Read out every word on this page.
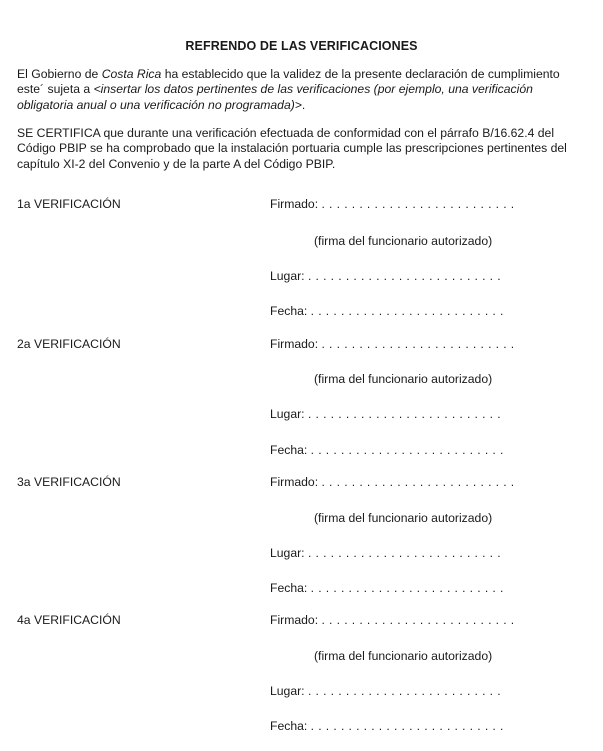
REFRENDO DE LAS VERIFICACIONES

El Gobierno de Costa Rica ha establecido que la validez de la presente declaración de cumplimiento
este´ sujeta a <insertar los datos pertinentes de las verificaciones (por ejemplo, una verificación
obligatoria anual o una verificación no programada)>.

SE CERTIFICA que durante una verificación efectuada de conformidad con el párrafo B/16.62.4 del
Código PBIP se ha comprobado que la instalación portuaria cumple las prescripciones pertinentes del
capítulo XI-2 del Convenio y de la parte A del Código PBIP.

1a VERIFICACIÓN	Firmado: . . . . . . . . . . . . . . . . . . . . . . . . . .
(firma del funcionario autorizado)
Lugar: . . . . . . . . . . . . . . . . . . . . . . . . . .
Fecha: . . . . . . . . . . . . . . . . . . . . . . . . . .
2a VERIFICACIÓN	Firmado: . . . . . . . . . . . . . . . . . . . . . . . . . .
(firma del funcionario autorizado)
Lugar: . . . . . . . . . . . . . . . . . . . . . . . . . .
Fecha: . . . . . . . . . . . . . . . . . . . . . . . . . .
3a VERIFICACIÓN	Firmado: . . . . . . . . . . . . . . . . . . . . . . . . . .
(firma del funcionario autorizado)
Lugar: . . . . . . . . . . . . . . . . . . . . . . . . . .
Fecha: . . . . . . . . . . . . . . . . . . . . . . . . . .
4a VERIFICACIÓN	Firmado: . . . . . . . . . . . . . . . . . . . . . . . . . .
(firma del funcionario autorizado)
Lugar: . . . . . . . . . . . . . . . . . . . . . . . . . .
Fecha: . . . . . . . . . . . . . . . . . . . . . . . . . .
